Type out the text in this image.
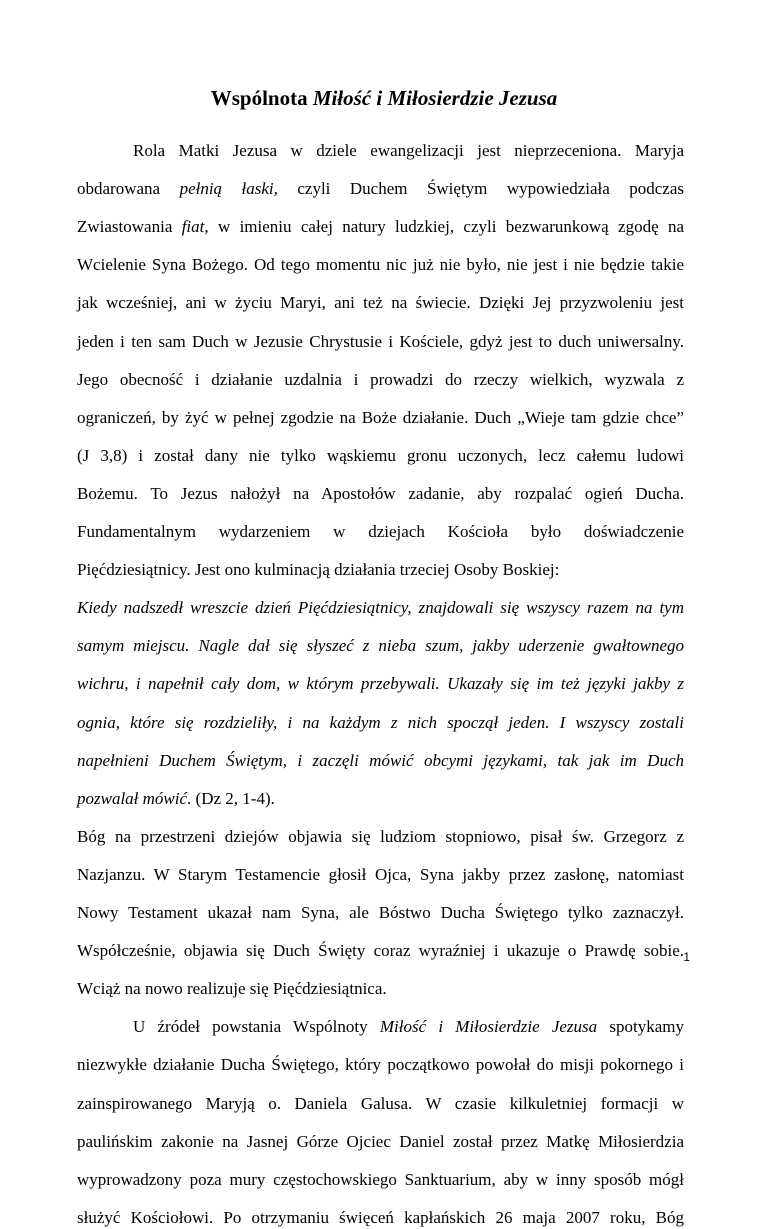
Wspólnota Miłość i Miłosierdzie Jezusa
Rola Matki Jezusa w dziele ewangelizacji jest nieprzeceniona. Maryja
obdarowana pełnią łaski, czyli Duchem Świętym wypowiedziała podczas
Zwiastowania fiat, w imieniu całej natury ludzkiej, czyli bezwarunkową zgodę na
Wcielenie Syna Bożego. Od tego momentu nic już nie było, nie jest i nie będzie takie
jak wcześniej, ani w życiu Maryi, ani też na świecie. Dzięki Jej przyzwoleniu jest
jeden i ten sam Duch w Jezusie Chrystusie i Kościele, gdyż jest to duch uniwersalny.
Jego obecność i działanie uzdalnia i prowadzi do rzeczy wielkich, wyzwala z
ograniczeń, by żyć w pełnej zgodzie na Boże działanie. Duch „Wieje tam gdzie chce”
(J 3,8) i został dany nie tylko wąskiemu gronu uczonych, lecz całemu ludowi
Bożemu. To Jezus nałożył na Apostołów zadanie, aby rozpalać ogień Ducha.
Fundamentalnym wydarzeniem w dziejach Kościoła było doświadczenie
Pięćdziesiątnicy. Jest ono kulminacją działania trzeciej Osoby Boskiej:
Kiedy nadszedł wreszcie dzień Pięćdziesiątnicy, znajdowali się wszyscy razem na tym
samym miejscu. Nagle dał się słyszeć z nieba szum, jakby uderzenie gwałtownego
wichru, i napełnił cały dom, w którym przebywali. Ukazały się im też języki jakby z
ognia, które się rozdzieliły, i na każdym z nich spoczął jeden. I wszyscy zostali
napełnieni Duchem Świętym, i zaczęli mówić obcymi językami, tak jak im Duch
pozwalał mówić. (Dz 2, 1-4).
Bóg na przestrzeni dziejów objawia się ludziom stopniowo, pisał św. Grzegorz z
Nazjanzu. W Starym Testamencie głosił Ojca, Syna jakby przez zasłonę, natomiast
Nowy Testament ukazał nam Syna, ale Bóstwo Ducha Świętego tylko zaznaczył.
Współcześnie, objawia się Duch Święty coraz wyraźniej i ukazuje o Prawdę sobie.
Wciąż na nowo realizuje się Pięćdziesiątnica.
U źródeł powstania Wspólnoty Miłość i Miłosierdzie Jezusa spotykamy
niezwykłe działanie Ducha Świętego, który początkowo powołał do misji pokornego i
zainspirowanego Maryją o. Daniela Galusa. W czasie kilkuletniej formacji w
paulińskim zakonie na Jasnej Górze Ojciec Daniel został przez Matkę Miłosierdzia
wyprowadzony poza mury częstochowskiego Sanktuarium, aby w inny sposób mógł
służyć Kościołowi. Po otrzymaniu święceń kapłańskich 26 maja 2007 roku, Bóg
1
